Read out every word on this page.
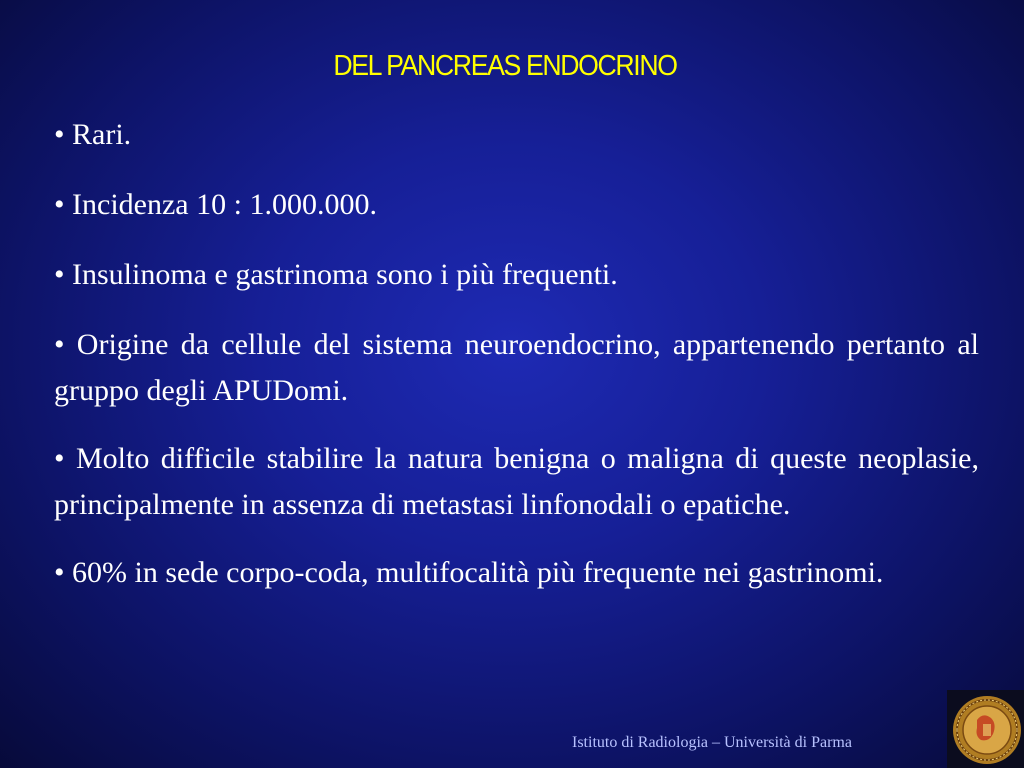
DEL PANCREAS ENDOCRINO
• Rari.
• Incidenza 10 : 1.000.000.
• Insulinoma e gastrinoma sono i più frequenti.
• Origine da cellule del sistema neuroendocrino, appartenendo pertanto al gruppo degli APUDomi.
• Molto difficile stabilire la natura benigna o maligna di queste neoplasie, principalmente in assenza di metastasi linfonodali o epatiche.
• 60% in sede corpo-coda, multifocalità più frequente nei gastrinomi.
Istituto di Radiologia – Università di Parma
